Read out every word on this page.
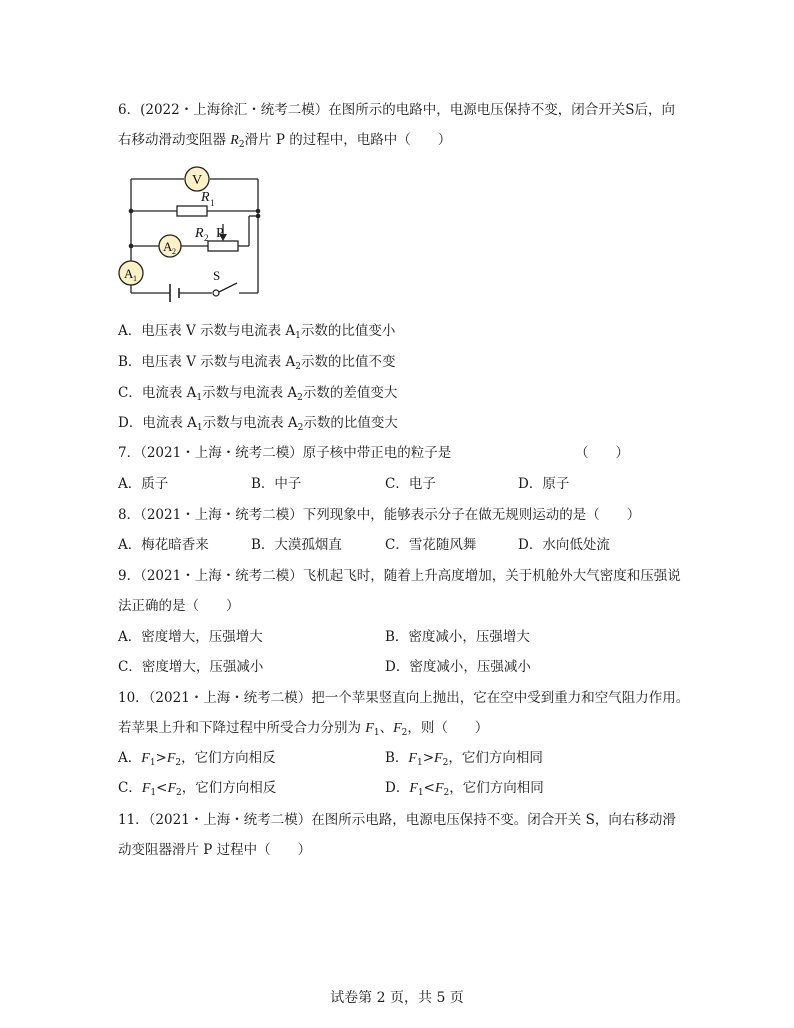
6．(2022・上海徐汇・统考二模）在图所示的电路中，电源电压保持不变，闭合开关S后，向
右移动滑动变阻器 $R_2$滑片 P 的过程中，电路中（　　）
V
R 1
R 2 P
A 2
A 1	S
A．电压表 V 示数与电流表 $A_1$示数的比值变小
B．电压表 V 示数与电流表 $A_2$示数的比值不变
C．电流表 $A_1$示数与电流表 $A_2$示数的差值变大
D．电流表 $A_1$示数与电流表 $A_2$示数的比值变大
7．（2021・上海・统考二模）原子核中带正电的粒子是	（　　）
A．质子	B．中子	C．电子	D．原子
8．（2021・上海・统考二模）下列现象中，能够表示分子在做无规则运动的是（　　）
A．梅花暗香来	B．大漠孤烟直	C．雪花随风舞	D．水向低处流
9．（2021・上海・统考二模）飞机起飞时，随着上升高度增加，关于机舱外大气密度和压强说
法正确的是（　　）
A．密度增大，压强增大	B．密度减小，压强增大
C．密度增大，压强减小	D．密度减小，压强减小
10．（2021・上海・统考二模）把一个苹果竖直向上抛出，它在空中受到重力和空气阻力作用。
若苹果上升和下降过程中所受合力分别为 $F_1$、$F_2$，则（　　）
A．$F_1>F_2$，它们方向相反	B．$F_1>F_2$，它们方向相同
C．$F_1<F_2$，它们方向相反	D．$F_1<F_2$，它们方向相同
11．（2021・上海・统考二模）在图所示电路，电源电压保持不变。闭合开关 S，向右移动滑
动变阻器滑片 P 过程中（　　）
试卷第 2 页，共 5 页
